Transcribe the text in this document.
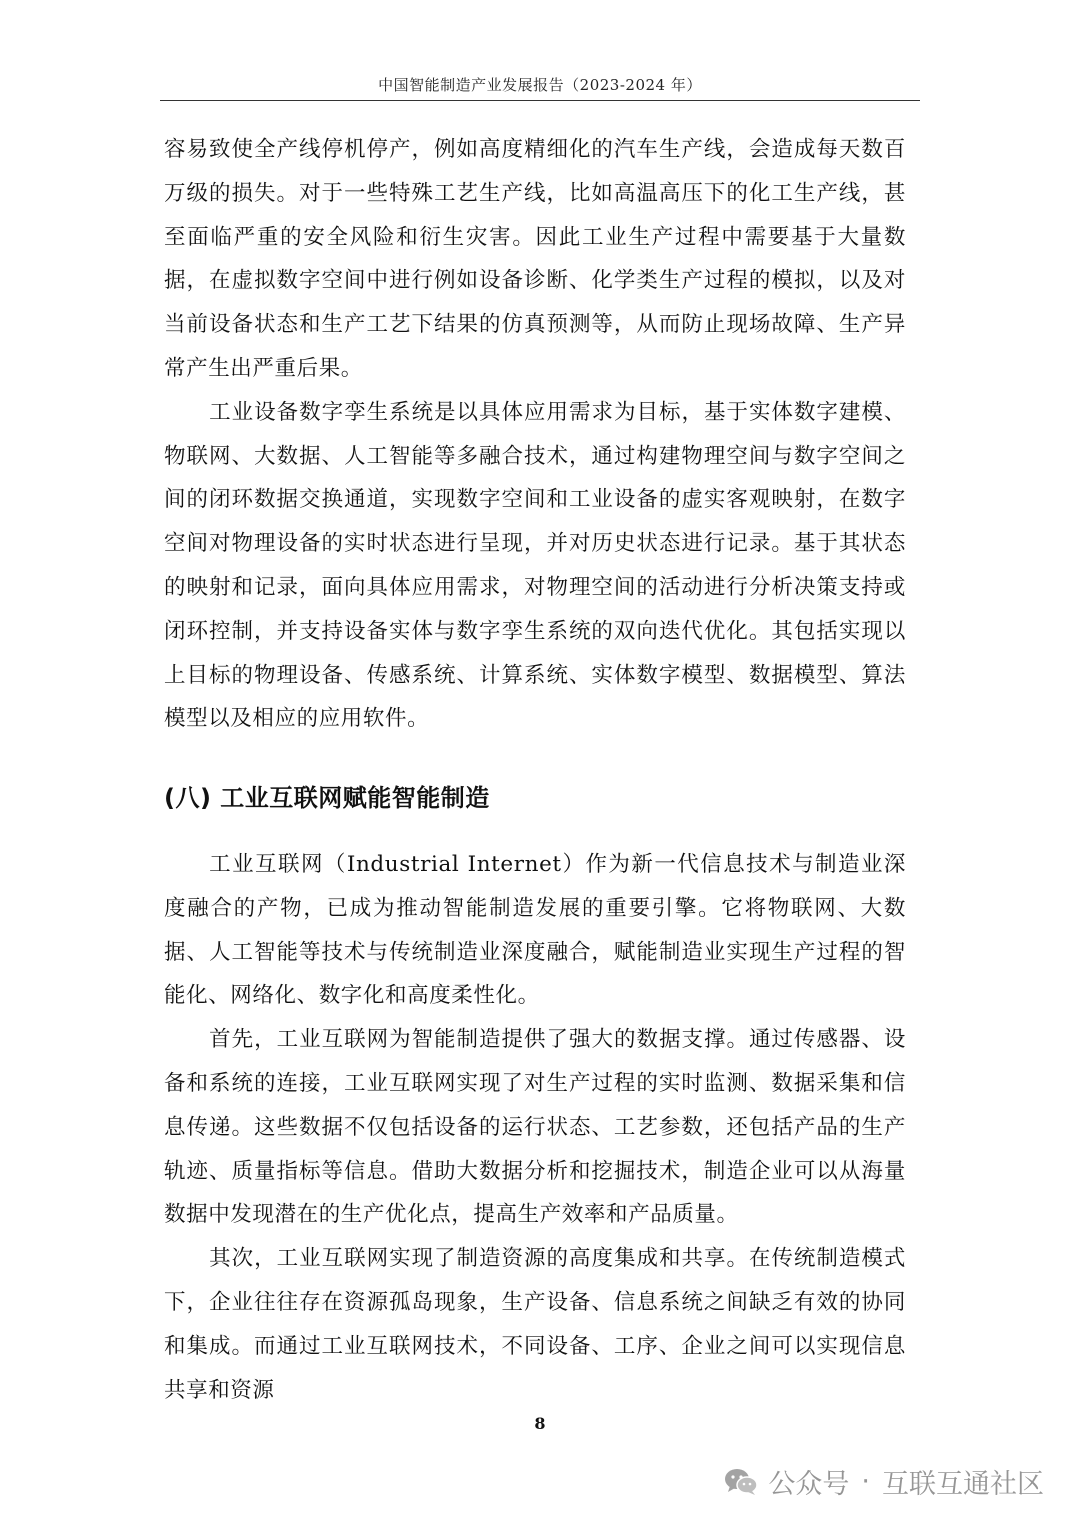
中国智能制造产业发展报告（2023-2024 年）

容易致使全产线停机停产，例如高度精细化的汽车生产线，会造成每天数百万级的损失。对于一些特殊工艺生产线，比如高温高压下的化工生产线，甚至面临严重的安全风险和衍生灾害。因此工业生产过程中需要基于大量数据，在虚拟数字空间中进行例如设备诊断、化学类生产过程的模拟，以及对当前设备状态和生产工艺下结果的仿真预测等，从而防止现场故障、生产异常产生出严重后果。

工业设备数字孪生系统是以具体应用需求为目标，基于实体数字建模、物联网、大数据、人工智能等多融合技术，通过构建物理空间与数字空间之间的闭环数据交换通道，实现数字空间和工业设备的虚实客观映射，在数字空间对物理设备的实时状态进行呈现，并对历史状态进行记录。基于其状态的映射和记录，面向具体应用需求，对物理空间的活动进行分析决策支持或闭环控制，并支持设备实体与数字孪生系统的双向迭代优化。其包括实现以上目标的物理设备、传感系统、计算系统、实体数字模型、数据模型、算法模型以及相应的应用软件。

(八) 工业互联网赋能智能制造

工业互联网（Industrial Internet）作为新一代信息技术与制造业深度融合的产物，已成为推动智能制造发展的重要引擎。它将物联网、大数据、人工智能等技术与传统制造业深度融合，赋能制造业实现生产过程的智能化、网络化、数字化和高度柔性化。

首先，工业互联网为智能制造提供了强大的数据支撑。通过传感器、设备和系统的连接，工业互联网实现了对生产过程的实时监测、数据采集和信息传递。这些数据不仅包括设备的运行状态、工艺参数，还包括产品的生产轨迹、质量指标等信息。借助大数据分析和挖掘技术，制造企业可以从海量数据中发现潜在的生产优化点，提高生产效率和产品质量。

其次，工业互联网实现了制造资源的高度集成和共享。在传统制造模式下，企业往往存在资源孤岛现象，生产设备、信息系统之间缺乏有效的协同和集成。而通过工业互联网技术，不同设备、工序、企业之间可以实现信息共享和资源

8
公众号 · 互联互通社区
